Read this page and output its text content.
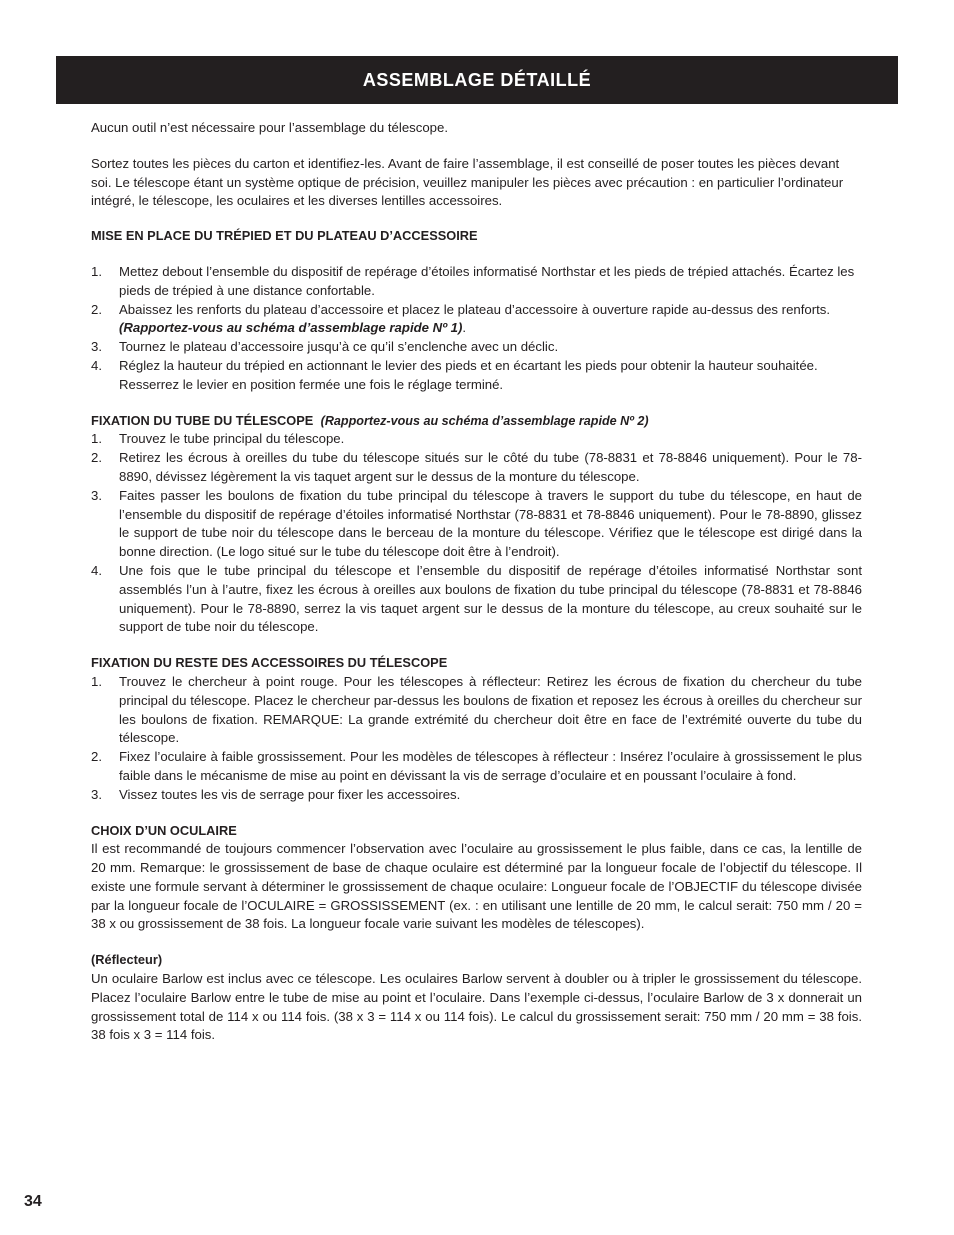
ASSEMBLAGE DÉTAILLÉ

Aucun outil n’est nécessaire pour l’assemblage du télescope.

Sortez toutes les pièces du carton et identifiez-les. Avant de faire l’assemblage, il est conseillé de poser toutes les pièces devant soi. Le télescope étant un système optique de précision, veuillez manipuler les pièces avec précaution : en particulier l’ordinateur intégré, le télescope, les oculaires et les diverses lentilles accessoires.

MISE EN PLACE DU TRÉPIED ET DU PLATEAU D’ACCESSOIRE

1. Mettez debout l’ensemble du dispositif de repérage d’étoiles informatisé Northstar et les pieds de trépied attachés. Écartez les pieds de trépied à une distance confortable.
2. Abaissez les renforts du plateau d’accessoire et placez le plateau d’accessoire à ouverture rapide au-dessus des renforts. (Rapportez-vous au schéma d’assemblage rapide Nº 1).
3. Tournez le plateau d’accessoire jusqu’à ce qu’il s’enclenche avec un déclic.
4. Réglez la hauteur du trépied en actionnant le levier des pieds et en écartant les pieds pour obtenir la hauteur souhaitée. Resserrez le levier en position fermée une fois le réglage terminé.

FIXATION DU TUBE DU TÉLESCOPE (Rapportez-vous au schéma d’assemblage rapide Nº 2)

1. Trouvez le tube principal du télescope.
2. Retirez les écrous à oreilles du tube du télescope situés sur le côté du tube (78-8831 et 78-8846 uniquement). Pour le 78-8890, dévissez légèrement la vis taquet argent sur le dessus de la monture du télescope.
3. Faites passer les boulons de fixation du tube principal du télescope à travers le support du tube du télescope, en haut de l’ensemble du dispositif de repérage d’étoiles informatisé Northstar (78-8831 et 78-8846 uniquement). Pour le 78-8890, glissez le support de tube noir du télescope dans le berceau de la monture du télescope. Vérifiez que le télescope est dirigé dans la bonne direction. (Le logo situé sur le tube du télescope doit être à l’endroit).
4. Une fois que le tube principal du télescope et l’ensemble du dispositif de repérage d’étoiles informatisé Northstar sont assemblés l’un à l’autre, fixez les écrous à oreilles aux boulons de fixation du tube principal du télescope (78-8831 et 78-8846 uniquement). Pour le 78-8890, serrez la vis taquet argent sur le dessus de la monture du télescope, au creux souhaité sur le support de tube noir du télescope.

FIXATION DU RESTE DES ACCESSOIRES DU TÉLESCOPE

1. Trouvez le chercheur à point rouge. Pour les télescopes à réflecteur: Retirez les écrous de fixation du chercheur du tube principal du télescope. Placez le chercheur par-dessus les boulons de fixation et reposez les écrous à oreilles du chercheur sur les boulons de fixation. REMARQUE: La grande extrémité du chercheur doit être en face de l’extrémité ouverte du tube du télescope.
2. Fixez l’oculaire à faible grossissement. Pour les modèles de télescopes à réflecteur : Insérez l’oculaire à grossissement le plus faible dans le mécanisme de mise au point en dévissant la vis de serrage d’oculaire et en poussant l’oculaire à fond.
3. Vissez toutes les vis de serrage pour fixer les accessoires.

CHOIX D’UN OCULAIRE

Il est recommandé de toujours commencer l’observation avec l’oculaire au grossissement le plus faible, dans ce cas, la lentille de 20 mm. Remarque: le grossissement de base de chaque oculaire est déterminé par la longueur focale de l’objectif du télescope. Il existe une formule servant à déterminer le grossissement de chaque oculaire: Longueur focale de l’OBJECTIF du télescope divisée par la longueur focale de l’OCULAIRE = GROSSISSEMENT (ex. : en utilisant une lentille de 20 mm, le calcul serait: 750 mm / 20 = 38 x ou grossissement de 38 fois. La longueur focale varie suivant les modèles de télescopes).

(Réflecteur)

Un oculaire Barlow est inclus avec ce télescope. Les oculaires Barlow servent à doubler ou à tripler le grossissement du télescope. Placez l’oculaire Barlow entre le tube de mise au point et l’oculaire. Dans l’exemple ci-dessus, l’oculaire Barlow de 3 x donnerait un grossissement total de 114 x ou 114 fois. (38 x 3 = 114 x ou 114 fois). Le calcul du grossissement serait: 750 mm / 20 mm = 38 fois. 38 fois x 3 = 114 fois.

34
